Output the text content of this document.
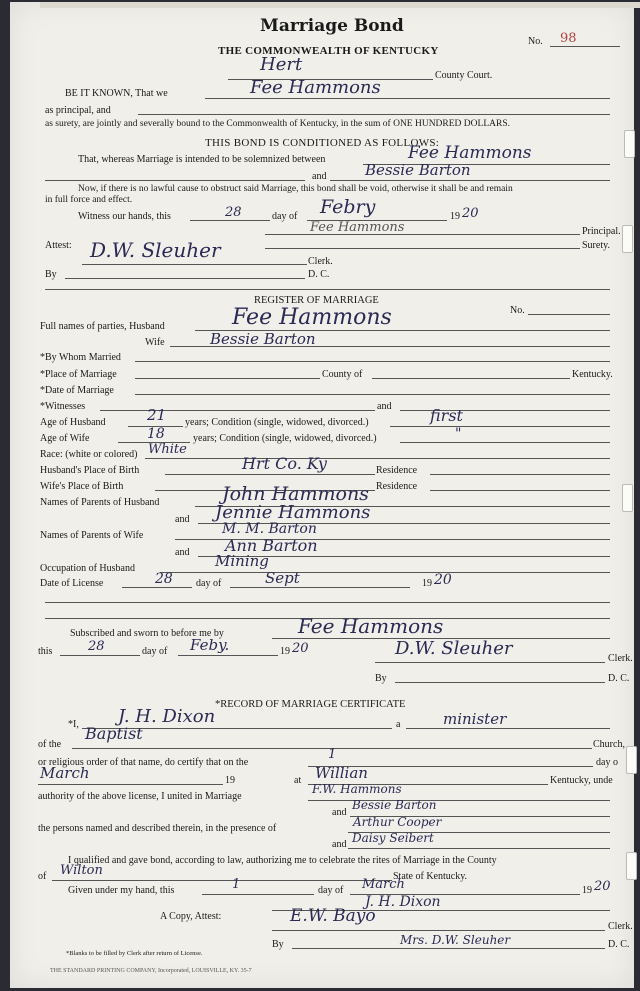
Marriage Bond
No. 98
THE COMMONWEALTH OF KENTUCKY
Hert
County Court.
BE IT KNOWN, That we	Fee Hammons
as principal, and
as surety, are jointly and severally bound to the Commonwealth of Kentucky, in the sum of ONE HUNDRED DOLLARS.
THIS BOND IS CONDITIONED AS FOLLOWS:
That, whereas Marriage is intended to be solemnized between	Fee Hammons
and	Bessie Barton
Now, if there is no lawful cause to obstruct said Marriage, this bond shall be void, otherwise it shall be and remain
in full force and effect.
Witness our hands, this	28	day of Febry	19 20
Fee Hammons	Principal.
Surety.
Attest: D.W. Sleuher	Clerk.
By	D. C.
REGISTER OF MARRIAGE
No.
Full names of parties, Husband	Fee Hammons
Wife	Bessie Barton
*By Whom Married
*Place of Marriage	County of	Kentucky.
*Date of Marriage
*Witnesses	and
Age of Husband	21 years; Condition (single, widowed, divorced.)	first
Age of Wife	18	years; Condition (single, widowed, divorced.)	"
Race: (white or colored) White
Husband's Place of Birth	Hrt Co. Ky	Residence
Wife's Place of Birth	Residence
Names of Parents of Husband	John Hammons
and Jennie Hammons
Names of Parents of Wife	M. M. Barton
and Ann Barton
Occupation of Husband	Mining
Date of License	28 day of	Sept	19 20
Subscribed and sworn to before me by	Fee Hammons
this	28	day of Feby.	19 20	D.W. Sleuher	Clerk.
By	D. C.
*RECORD OF MARRIAGE CERTIFICATE
*I, J. H. Dixon	a	minister
of the
Baptist
Church,
or religious order of that name, do certify that on the
1
day o
March	19	at Willian	Kentucky, unde
authority of the above license, I united in Marriage
F.W. Hammons
and
Bessie Barton
the persons named and described therein, in the presence of	Arthur Cooper
and Daisy Seibert
I qualified and gave bond, according to law, authorizing me to celebrate the rites of Marriage in the County
of Wilton	State of Kentucky.
Given under my hand, this	1	day of March	19 20
J. H. Dixon
A Copy, Attest:	E.W. Bayo
Clerk.
By	Mrs. D.W. Sleuher	D. C.
*Blanks to be filled by Clerk after return of License.
THE STANDARD PRINTING COMPANY, Incorporated, LOUISVILLE, KY. 35-7
